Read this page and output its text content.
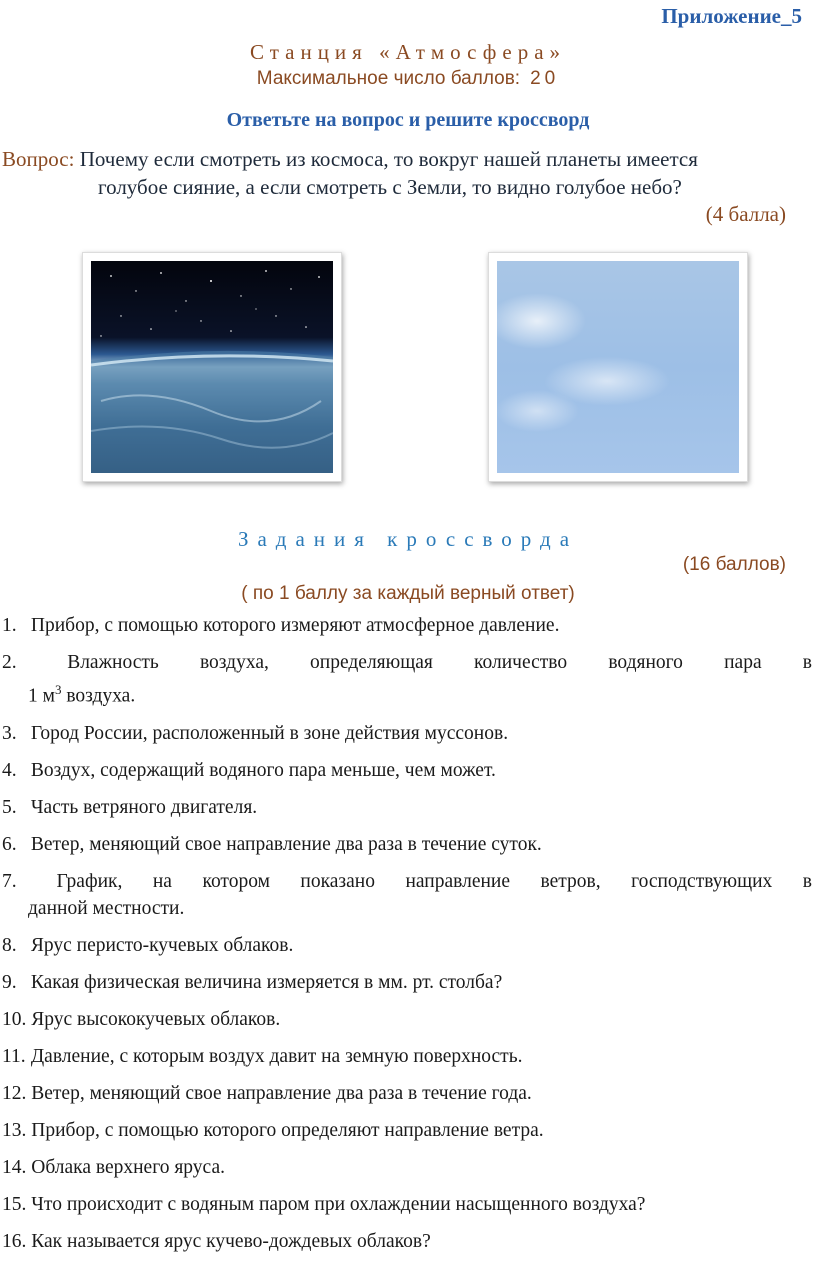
Приложение_5
Станция «Атмосфера»
Максимальное число баллов: 20
Ответьте на вопрос и решите кроссворд
Вопрос: Почему если смотреть из космоса, то вокруг нашей планеты имеется
голубое сияние, а если смотреть с Земли, то видно голубое небо?
(4 балла)
Задания кроссворда
(16 баллов)
( по 1 баллу за каждый верный ответ)
1. Прибор, с помощью которого измеряют атмосферное давление.
2.	Влажность воздуха, определяющая количество водяного пара в
1 $м^3$ воздуха.
3. Город России, расположенный в зоне действия муссонов.
4. Воздух, содержащий водяного пара меньше, чем может.
5. Часть ветряного двигателя.
6. Ветер, меняющий свое направление два раза в течение суток.
7. График, на котором показано направление ветров, господствующих в
данной местности.
8. Ярус перисто-кучевых облаков.
9. Какая физическая величина измеряется в мм. рт. столба?
10. Ярус высококучевых облаков.
11. Давление, с которым воздух давит на земную поверхность.
12. Ветер, меняющий свое направление два раза в течение года.
13. Прибор, с помощью которого определяют направление ветра.
14. Облака верхнего яруса.
15. Что происходит с водяным паром при охлаждении насыщенного воздуха?
16. Как называется ярус кучево-дождевых облаков?
